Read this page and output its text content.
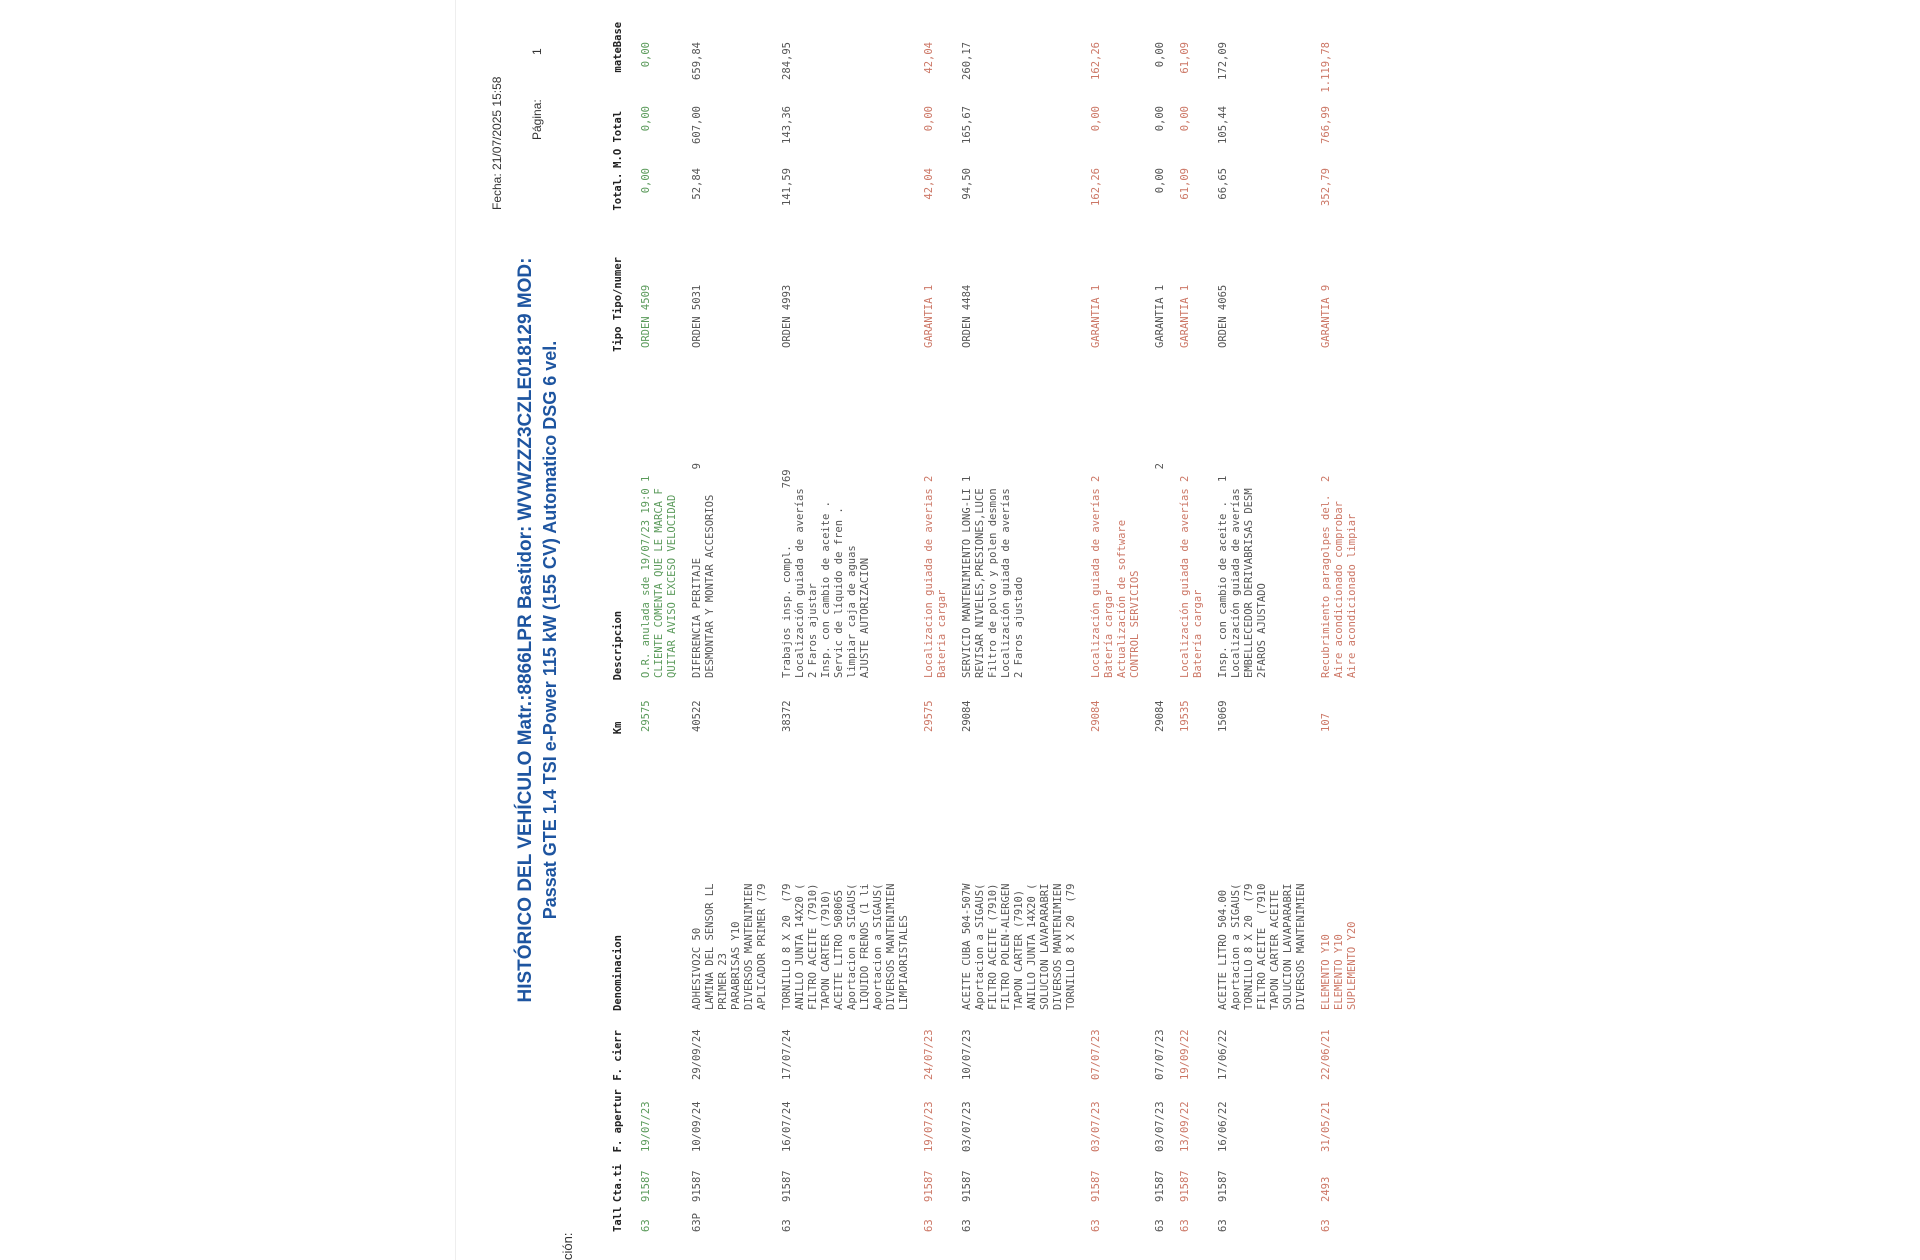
ción:
HISTÓRICO DEL VEHÍCULO Matr.:8866LPR Bastidor: WVWZZZ3CZLE018129 MOD: Passat GTE 1.4 TSI e-Power 115 kW (155 CV) Automatico DSG 6 vel.
Fecha: 21/07/2025 15:58 Página:
1
Tall
Cta.ti
F. apertur
F. cierr
Denominacion
Km
Descripcion
Tipo Tipo/numer
Total.
M.O Total
mate
Base
63
91587
19/07/23
29575
O.R. anulada sde 19/07/23 19:0 1 CLIENTE COMENTA QUE LE MARCA F QUITAR AVISO EXCESO VELOCIDAD
ORDEN 4509
0,00
0,00
0,00
63P
91587
10/09/24
29/09/24
ADHESIVO2C 50 LAMINA DEL SENSOR LL PRIMER 23 PARABRISAS Y10 DIVERSOS MANTENIMIEN APLICADOR PRIMER (79
40522
DIFERENCIA PERITAJE              9 DESMONTAR Y MONTAR ACCESORIOS
ORDEN 5031
52,84
607,00
659,84
63
91587
16/07/24
17/07/24
TORNILLO 8 X 20  (79 ANILLO JUNTA 14X20 ( FILTRO ACEITE (7910) TAPON CARTER (7910) ACEITE LITRO 508065 Aportacion a SIGAUS( LIQUIDO FRENOS (1 li Aportacion a SIGAUS( DIVERSOS MANTENIMIEN LIMPIAORISTALES
38372
Trabajos insp. compl.         769 Localización guiada de averías 2 Faros ajustar Insp. con cambio de aceite . Servic de líquido de fren . limpiar caja de aguas AJUSTE AUTORIZACION
ORDEN 4993
141,59
143,36
284,95
63
91587
19/07/23
24/07/23
29575
Localizacion guiada de averias 2 Bateria cargar
GARANTIA 1
42,04
0,00
42,04
63
91587
03/07/23
10/07/23
ACEITE CUBA 504-507W Aportacion a SIGAUS( FILTRO ACEITE (7910) FILTRO POLEN-ALERGEN TAPON CARTER (7910) ANILLO JUNTA 14X20 ( SOLUCION LAVAPARABRI DIVERSOS MANTENIMIEN TORNILLO 8 X 20  (79
29084
SERVICIO MANTENIMIENTO LONG-LI 1 REVISAR NIVELES,PRESIONES,LUCE Filtro de polvo y polen desmon Localización guiada de averías 2 Faros ajustado
ORDEN 4484
94,50
165,67
260,17
63
91587
03/07/23
07/07/23
29084
Localización guiada de averías 2 Batería cargar Actualización de software CONTROL SERVICIOS
GARANTIA 1
162,26
0,00
162,26
63
91587
03/07/23
07/07/23
29084
2
GARANTIA 1
0,00
0,00
0,00
63
91587
13/09/22
19/09/22
19535
Localización guiada de averías 2 Batería cargar
GARANTIA 1
61,09
0,00
61,09
63
91587
16/06/22
17/06/22
ACEITE LITRO 504.00 Aportacion a SIGAUS( TORNILLO 8 X 20  (79 FILTRO ACEITE  (7910 TAPON CARTER ACEITE SOLUCION LAVAPARABRI DIVERSOS MANTENIMIEN
15069
Insp. con cambio de aceite .   1 Localización guiada de averías EMBELLECEDOR DERIVABRISAS DESM 2FAROS AJUSTADO
ORDEN 4065
66,65
105,44
172,09
63
2493
31/05/21
22/06/21
ELEMENTO Y10 ELEMENTO Y10 SUPLEMENTO Y20
107
Recubrimiento paragolpes del.  2 Aire acondicionado comprobar Aire acondicionado limpiar
GARANTIA 9
352,79
766,99
1.119,78
